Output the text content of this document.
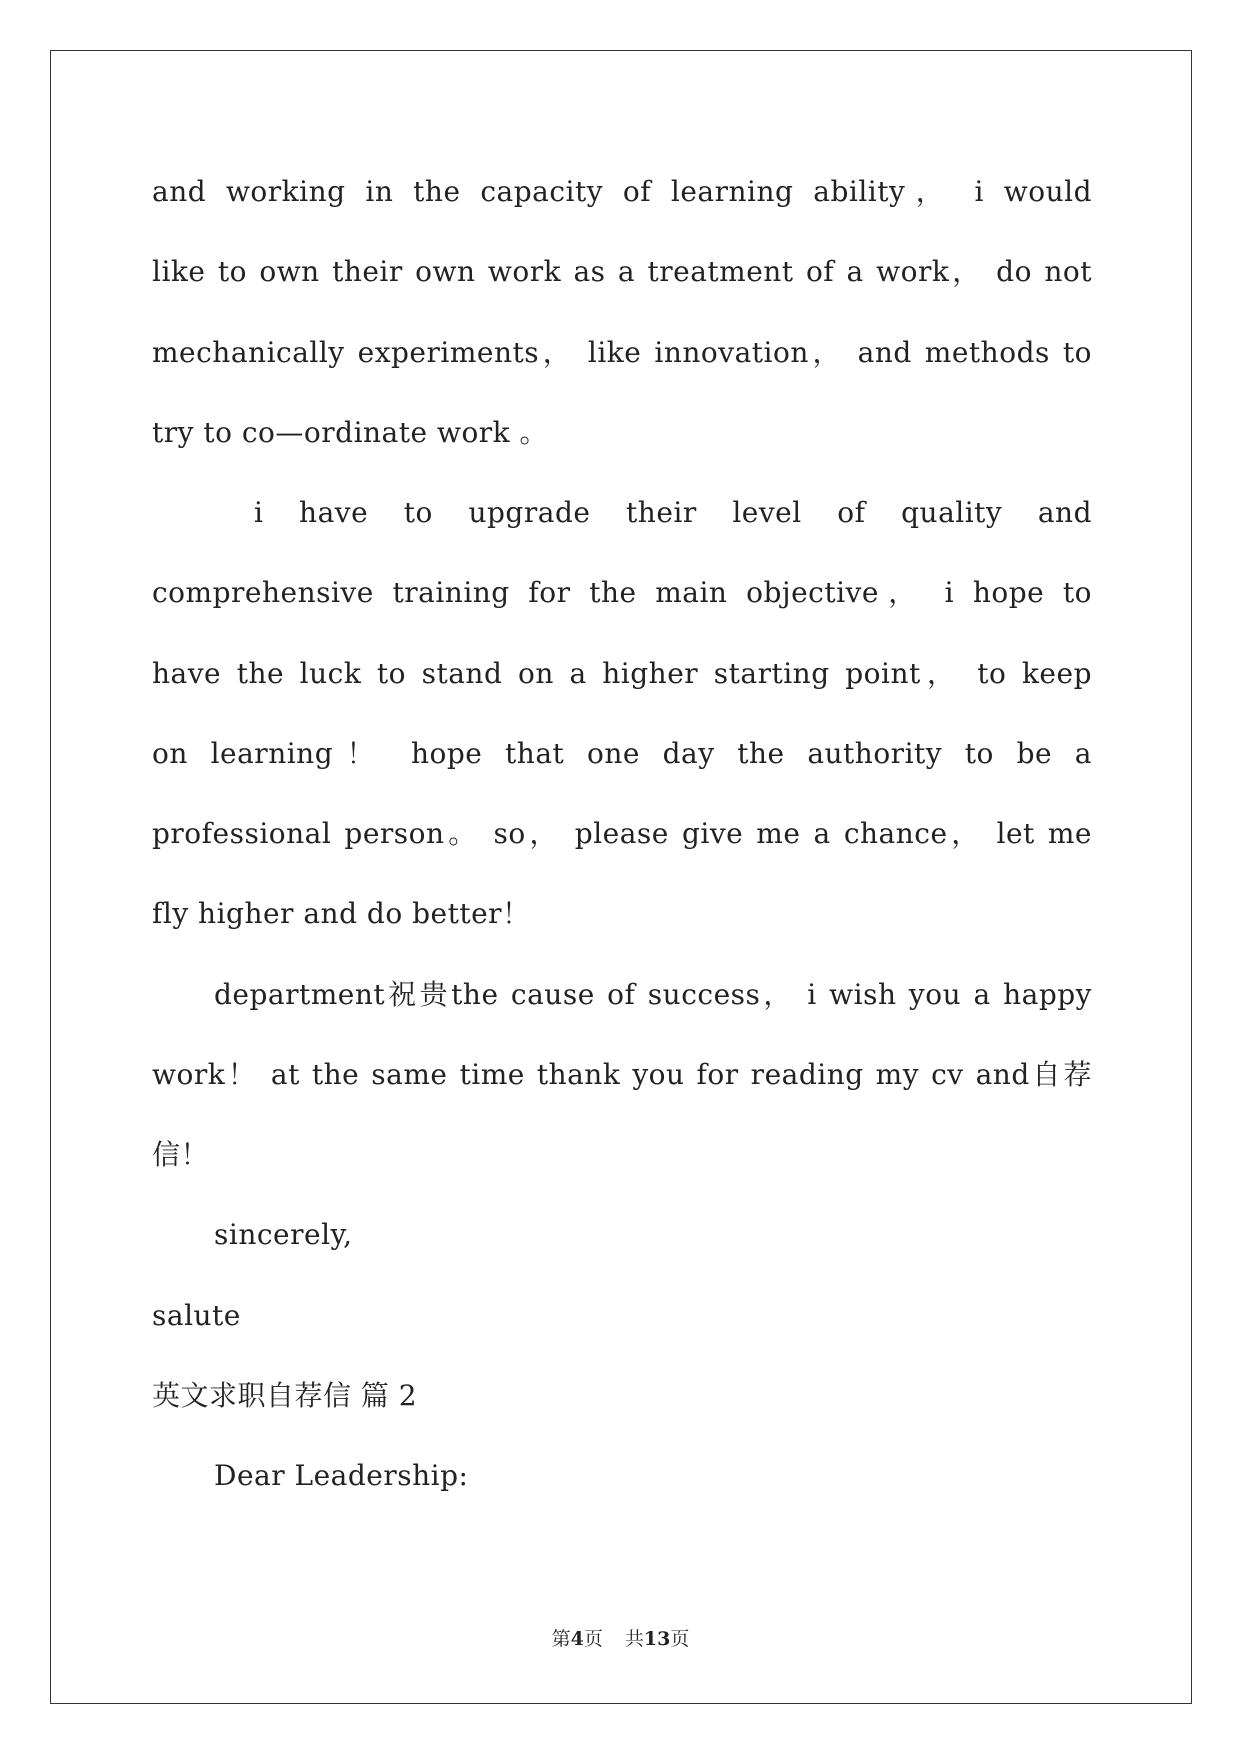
and working in the capacity of learning ability， i would
like to own their own work as a treatment of a work， do not
mechanically experiments， like innovation， and methods to
try to co—ordinate work 。
i have to upgrade their level of quality and
comprehensive training for the main objective， i hope to
have the luck to stand on a higher starting point， to keep
on learning！ hope that one day the authority to be a
professional person。 so， please give me a chance， let me
fly higher and do better！
department祝贵the cause of success， i wish you a happy
work！ at the same time thank you for reading my cv and自荐
信！
sincerely,
salute
英文求职自荐信 篇 2
Dear Leadership:
第4页 共13页
